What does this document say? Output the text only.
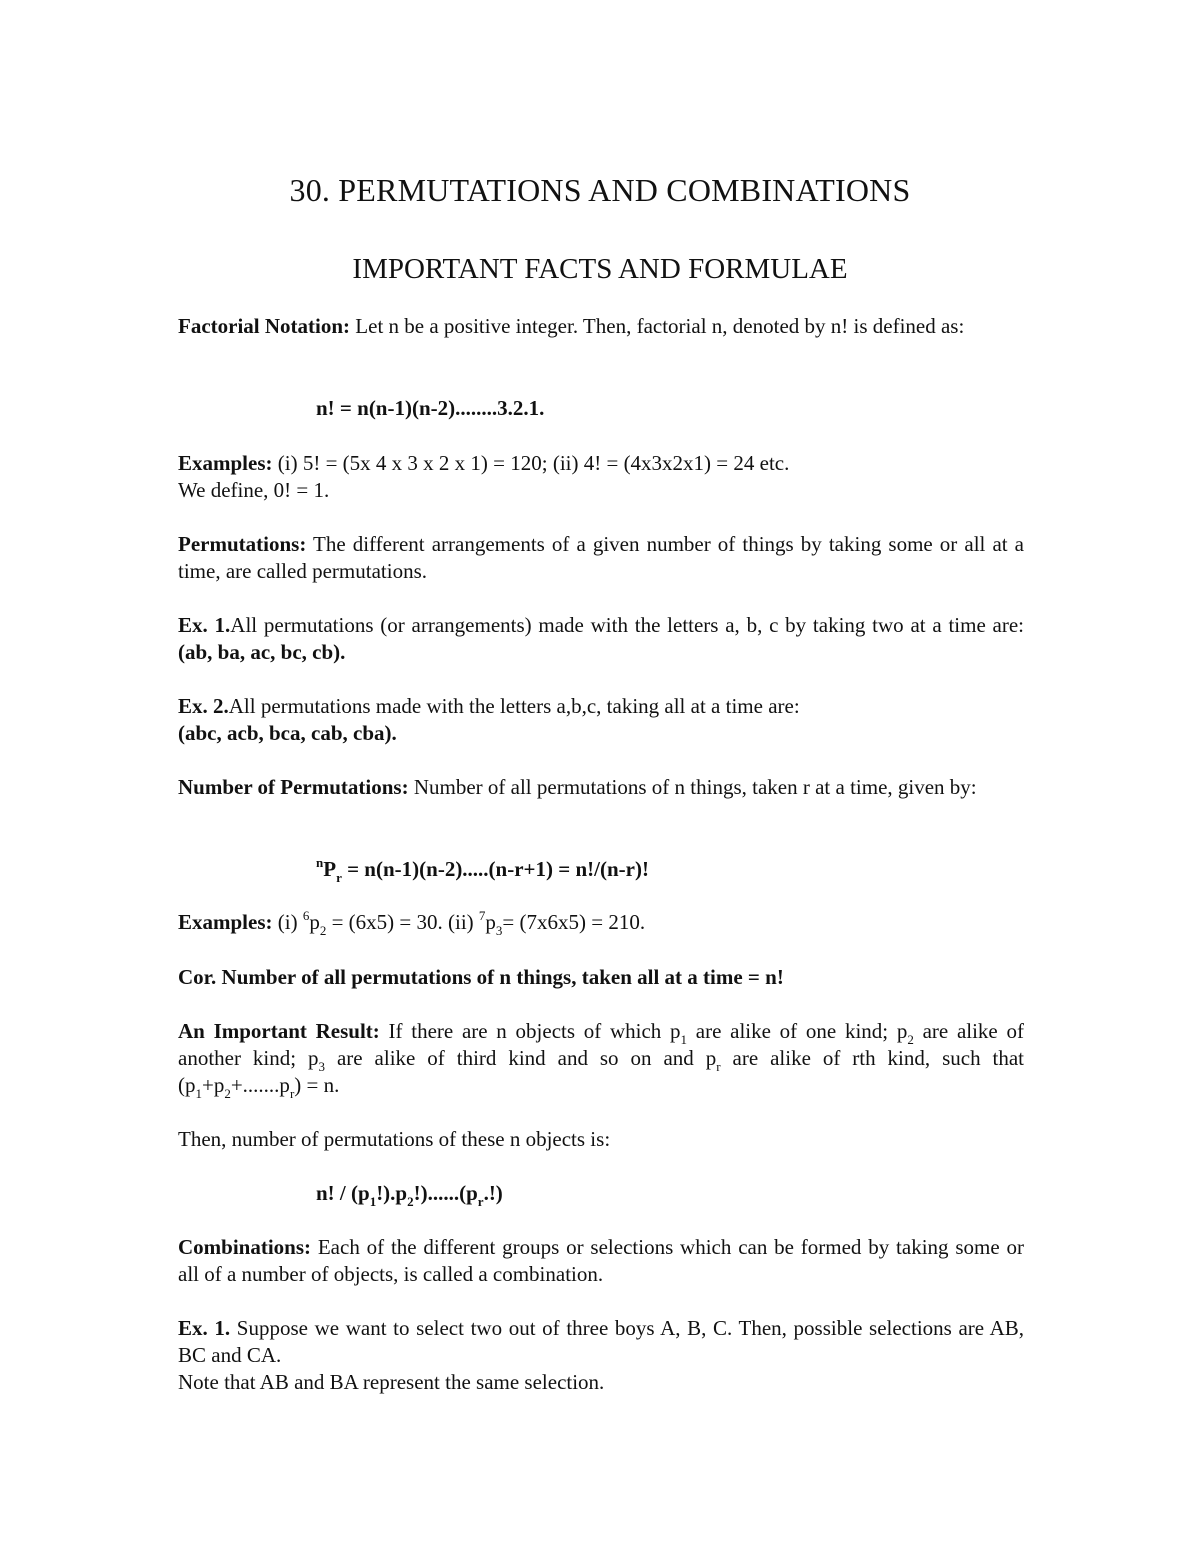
30. PERMUTATIONS AND COMBINATIONS
IMPORTANT FACTS AND FORMULAE
Factorial Notation: Let n be a positive integer. Then, factorial n, denoted by n! is defined as:
n! = n(n-1)(n-2)........3.2.1.
Examples: (i) 5! = (5x 4 x 3 x 2 x 1) = 120; (ii) 4! = (4x3x2x1) = 24 etc.
We define, 0! = 1.
Permutations: The different arrangements of a given number of things by taking some or all at a time, are called permutations.
Ex. 1.All permutations (or arrangements) made with the letters a, b, c by taking two at a time are: (ab, ba, ac, bc, cb).
Ex. 2.All permutations made with the letters a,b,c, taking all at a time are:
(abc, acb, bca, cab, cba).
Number of Permutations: Number of all permutations of n things, taken r at a time, given by:
$^nP_r = n(n-1)(n-2).....(n-r+1) = n!/(n-r)$!
Examples: (i) $^6p_2 = (6x5) = 30$. (ii) $^7p_3= (7x6x5) = 210$.
Cor. Number of all permutations of n things, taken all at a time = n!
An Important Result: If there are n objects of which $p_1$ are alike of one kind; $p_2$ are alike of another kind; $p_3$ are alike of third kind and so on and $p_r$ are alike of rth kind, such that $(p_1+p_2+.......p_r) = n$.
Then, number of permutations of these n objects is:
n! / $(p_1!).p_2!)......(p_r.!)$
Combinations: Each of the different groups or selections which can be formed by taking some or all of a number of objects, is called a combination.
Ex. 1. Suppose we want to select two out of three boys A, B, C. Then, possible selections are AB, BC and CA.
Note that AB and BA represent the same selection.
